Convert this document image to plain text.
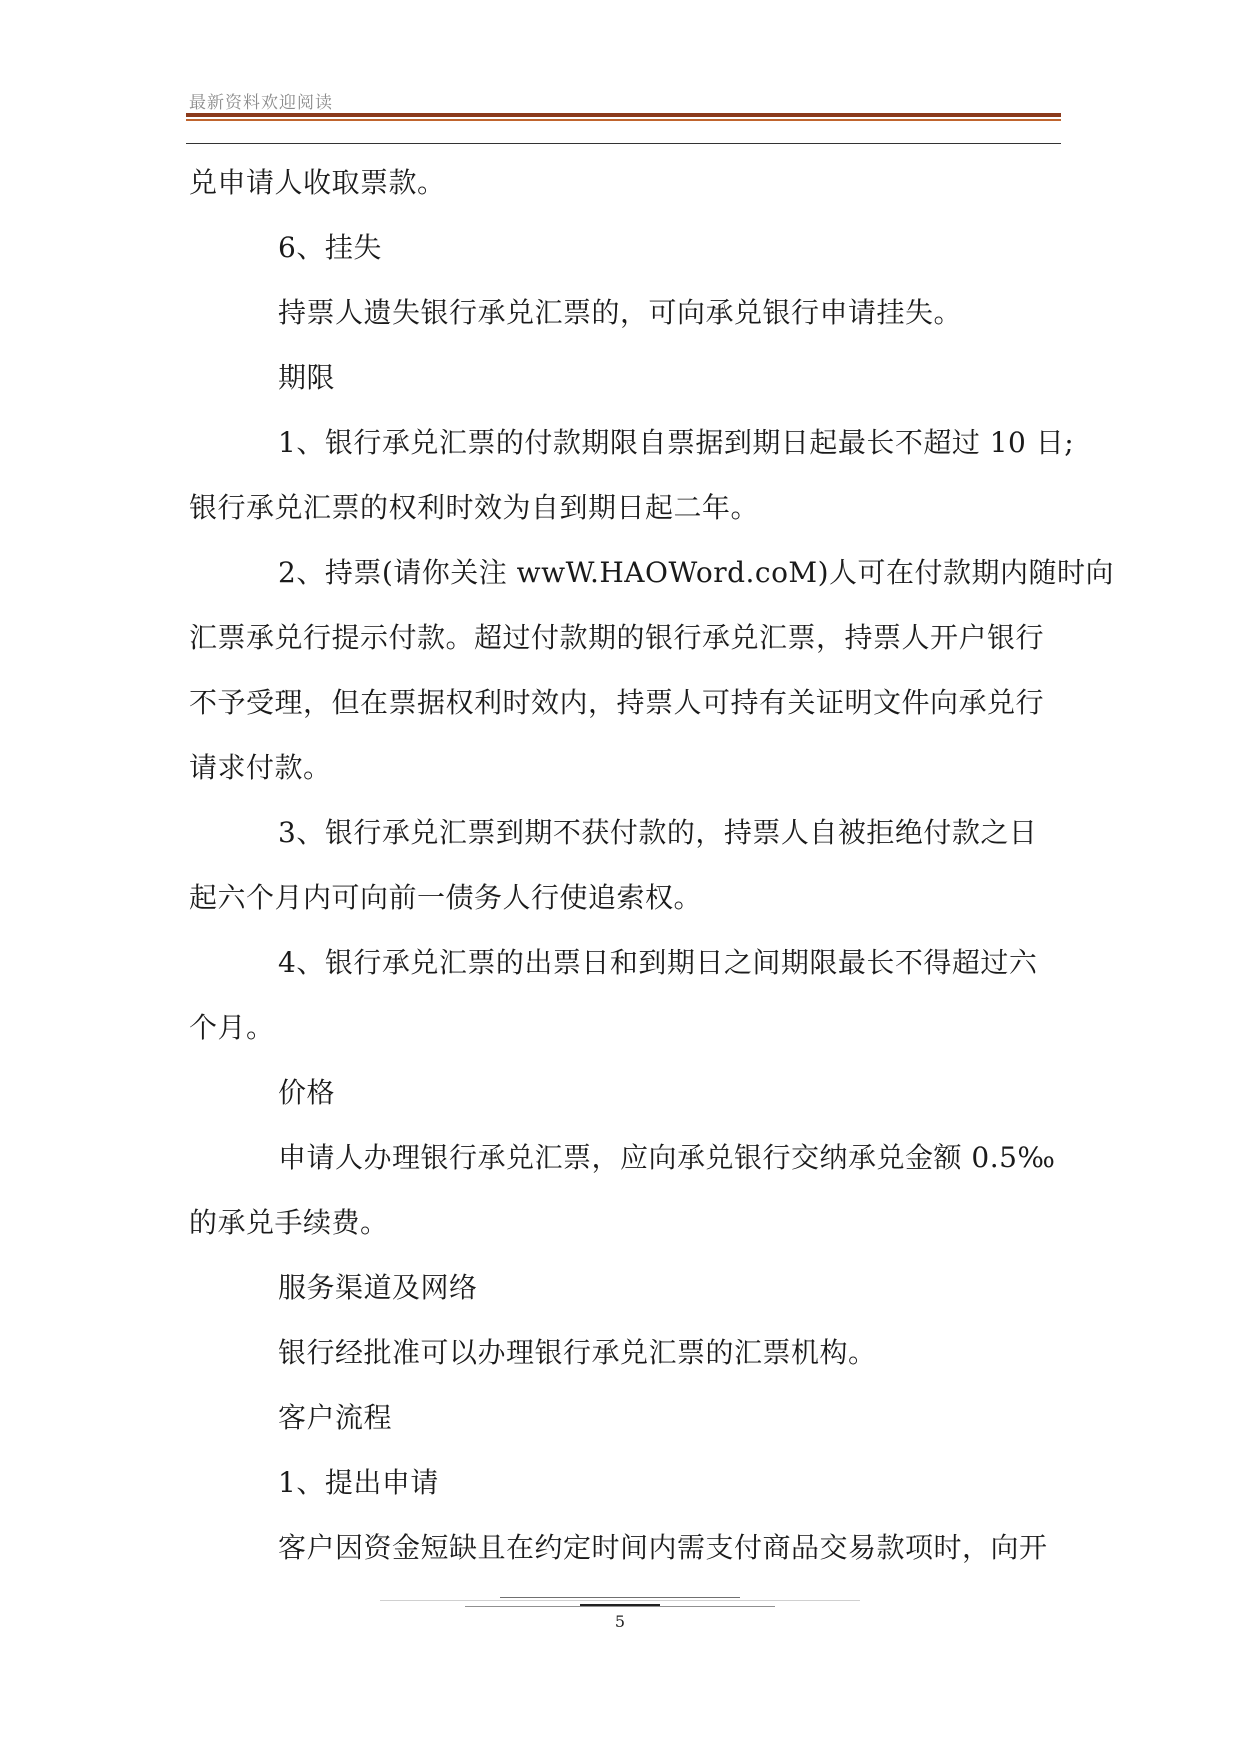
最新资料欢迎阅读
兑申请人收取票款。
6、挂失
持票人遗失银行承兑汇票的，可向承兑银行申请挂失。
期限
1、银行承兑汇票的付款期限自票据到期日起最长不超过 10 日;
银行承兑汇票的权利时效为自到期日起二年。
2、持票(请你关注 wwW.HAOWord.coM)人可在付款期内随时向
汇票承兑行提示付款。超过付款期的银行承兑汇票，持票人开户银行
不予受理，但在票据权利时效内，持票人可持有关证明文件向承兑行
请求付款。
3、银行承兑汇票到期不获付款的，持票人自被拒绝付款之日
起六个月内可向前一债务人行使追索权。
4、银行承兑汇票的出票日和到期日之间期限最长不得超过六
个月。
价格
申请人办理银行承兑汇票，应向承兑银行交纳承兑金额 0.5‰
的承兑手续费。
服务渠道及网络
银行经批准可以办理银行承兑汇票的汇票机构。
客户流程
1、提出申请
客户因资金短缺且在约定时间内需支付商品交易款项时，向开
5
